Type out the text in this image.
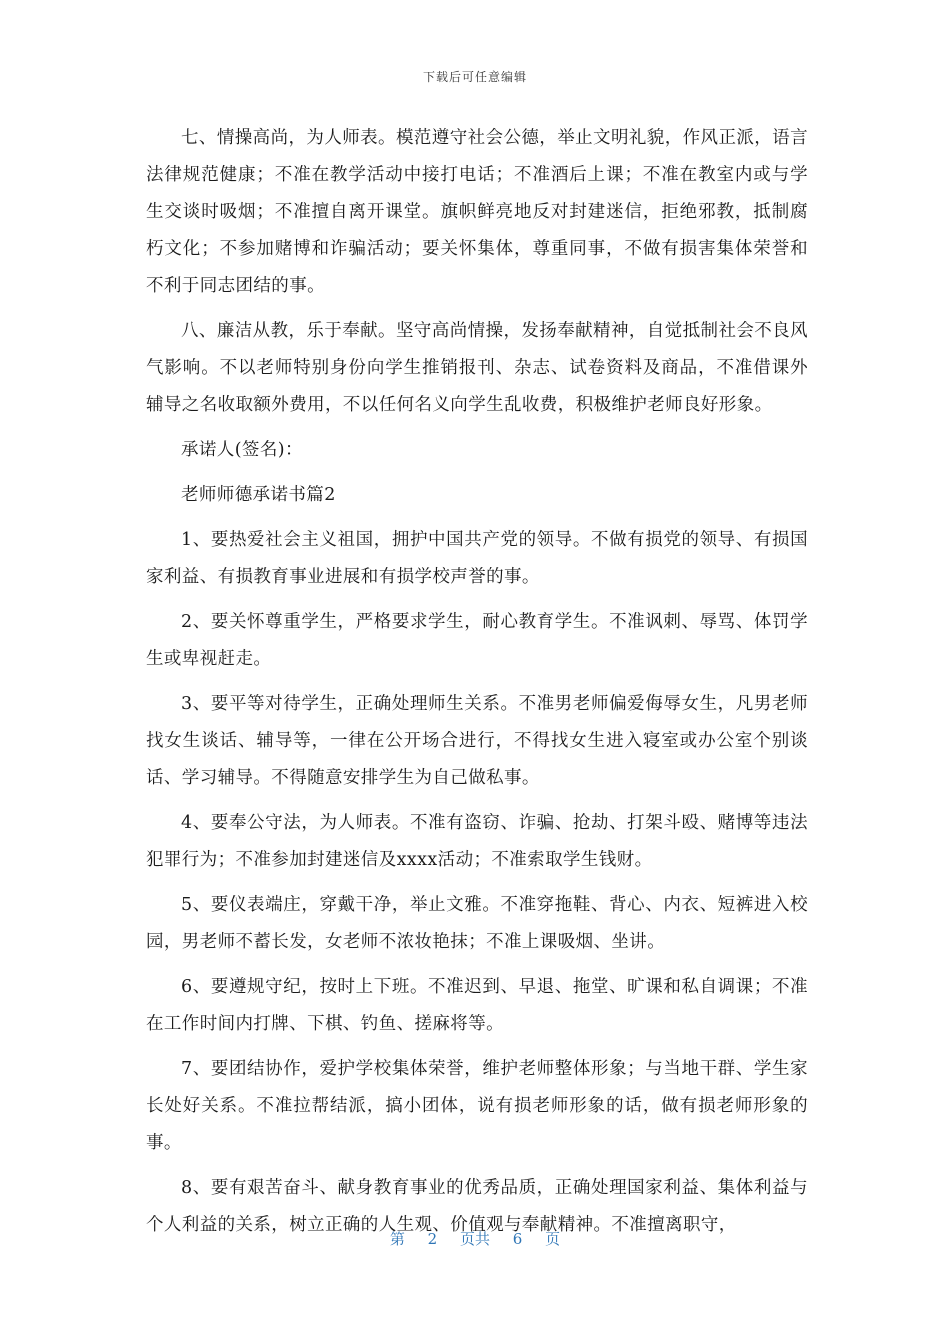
下载后可任意编辑

七、情操高尚，为人师表。模范遵守社会公德，举止文明礼貌，作风正派，语言法律规范健康；不准在教学活动中接打电话；不准酒后上课；不准在教室内或与学生交谈时吸烟；不准擅自离开课堂。旗帜鲜亮地反对封建迷信，拒绝邪教，抵制腐朽文化；不参加赌博和诈骗活动；要关怀集体，尊重同事，不做有损害集体荣誉和不利于同志团结的事。

八、廉洁从教，乐于奉献。坚守高尚情操，发扬奉献精神，自觉抵制社会不良风气影响。不以老师特别身份向学生推销报刊、杂志、试卷资料及商品，不准借课外辅导之名收取额外费用，不以任何名义向学生乱收费，积极维护老师良好形象。

承诺人(签名)：

老师师德承诺书篇2

1、要热爱社会主义祖国，拥护中国共产党的领导。不做有损党的领导、有损国家利益、有损教育事业进展和有损学校声誉的事。

2、要关怀尊重学生，严格要求学生，耐心教育学生。不准讽刺、辱骂、体罚学生或卑视赶走。

3、要平等对待学生，正确处理师生关系。不准男老师偏爱侮辱女生，凡男老师找女生谈话、辅导等，一律在公开场合进行，不得找女生进入寝室或办公室个别谈话、学习辅导。不得随意安排学生为自己做私事。

4、要奉公守法，为人师表。不准有盗窃、诈骗、抢劫、打架斗殴、赌博等违法犯罪行为；不准参加封建迷信及xxxx活动；不准索取学生钱财。

5、要仪表端庄，穿戴干净，举止文雅。不准穿拖鞋、背心、内衣、短裤进入校园，男老师不蓄长发，女老师不浓妆艳抹；不准上课吸烟、坐讲。

6、要遵规守纪，按时上下班。不准迟到、早退、拖堂、旷课和私自调课；不准在工作时间内打牌、下棋、钓鱼、搓麻将等。

7、要团结协作，爱护学校集体荣誉，维护老师整体形象；与当地干群、学生家长处好关系。不准拉帮结派，搞小团体，说有损老师形象的话，做有损老师形象的事。

8、要有艰苦奋斗、献身教育事业的优秀品质，正确处理国家利益、集体利益与个人利益的关系，树立正确的人生观、价值观与奉献精神。不准擅离职守，

第 2 页共 6 页
